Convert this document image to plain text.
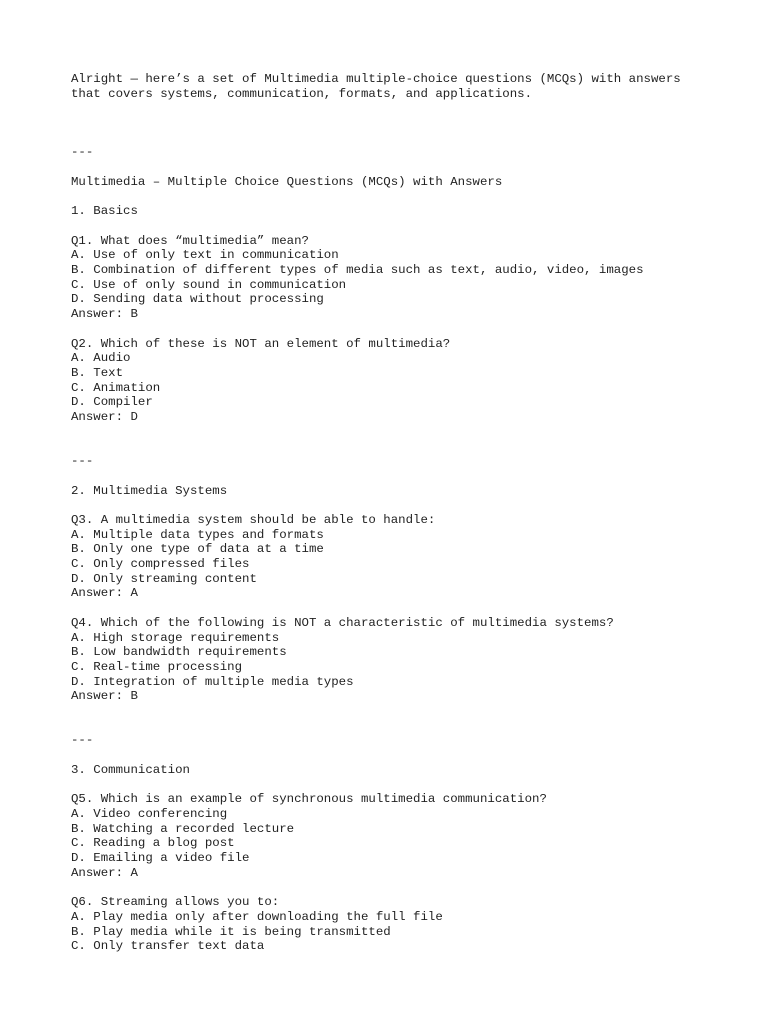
Alright — here’s a set of Multimedia multiple-choice questions (MCQs) with answers
that covers systems, communication, formats, and applications.
---
Multimedia – Multiple Choice Questions (MCQs) with Answers
1. Basics
Q1. What does “multimedia” mean?
A. Use of only text in communication
B. Combination of different types of media such as text, audio, video, images
C. Use of only sound in communication
D. Sending data without processing
Answer: B
Q2. Which of these is NOT an element of multimedia?
A. Audio
B. Text
C. Animation
D. Compiler
Answer: D
---
2. Multimedia Systems
Q3. A multimedia system should be able to handle:
A. Multiple data types and formats
B. Only one type of data at a time
C. Only compressed files
D. Only streaming content
Answer: A
Q4. Which of the following is NOT a characteristic of multimedia systems?
A. High storage requirements
B. Low bandwidth requirements
C. Real-time processing
D. Integration of multiple media types
Answer: B
---
3. Communication
Q5. Which is an example of synchronous multimedia communication?
A. Video conferencing
B. Watching a recorded lecture
C. Reading a blog post
D. Emailing a video file
Answer: A
Q6. Streaming allows you to:
A. Play media only after downloading the full file
B. Play media while it is being transmitted
C. Only transfer text data
